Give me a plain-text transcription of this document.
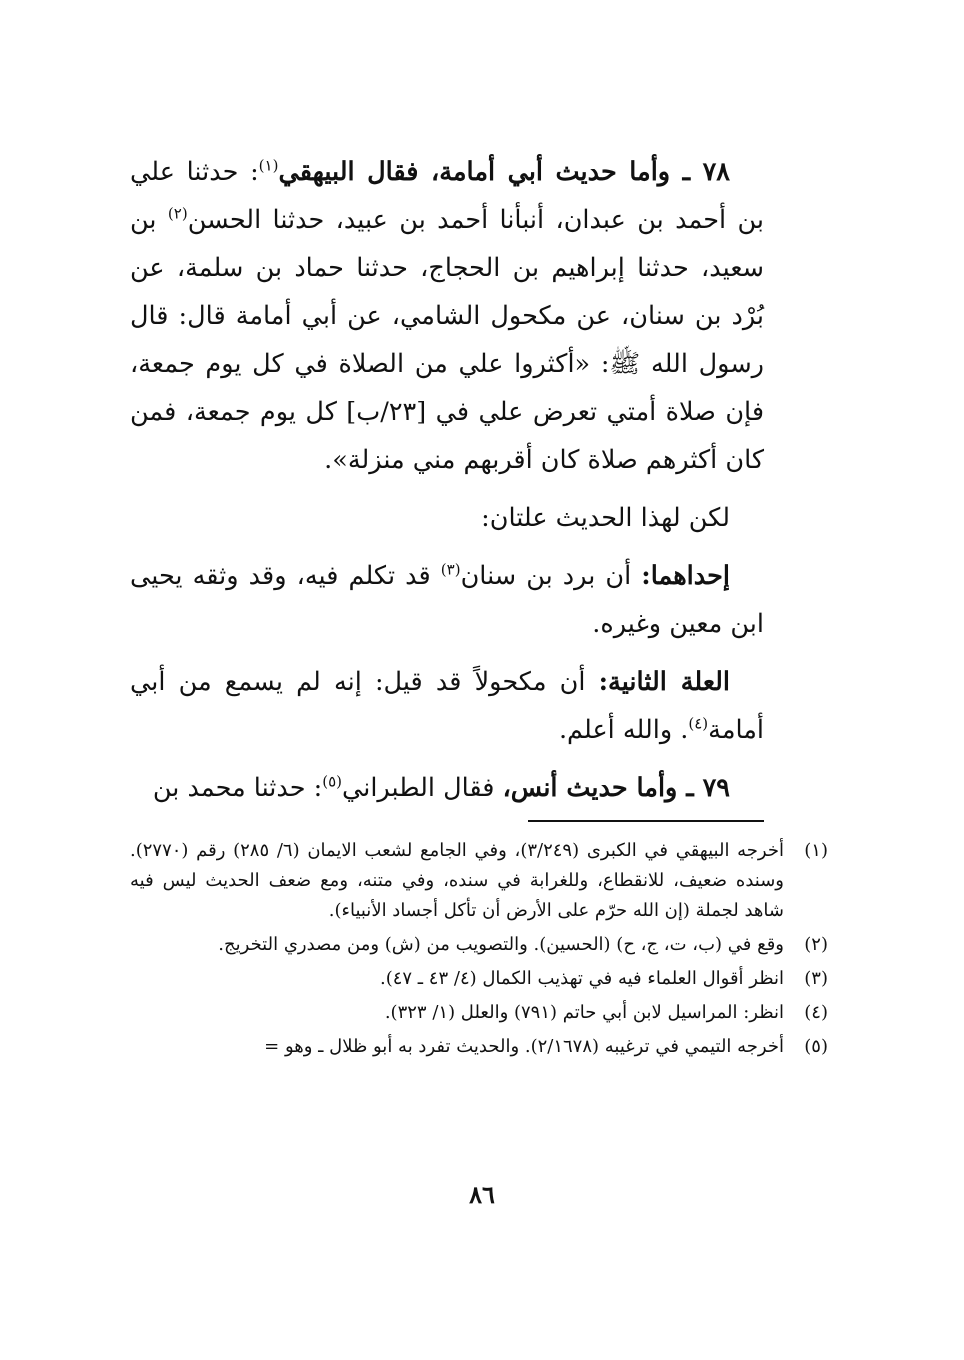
٧٨ ـ وأما حديث أبي أمامة، فقال البيهقي$^{(١)}$: حدثنا علي بن أحمد بن عبدان، أنبأنا أحمد بن عبيد، حدثنا الحسن$^{(٢)}$ بن سعيد، حدثنا إبراهيم بن الحجاج، حدثنا حماد بن سلمة، عن بُرْد بن سنان، عن مكحول الشامي، عن أبي أمامة قال: قال رسول الله ﷺ: «أكثروا علي من الصلاة في كل يوم جمعة، فإن صلاة أمتي تعرض علي في [٢٣/ب] كل يوم جمعة، فمن كان أكثرهم صلاة كان أقربهم مني منزلة».

لكن لهذا الحديث علتان:

إحداهما: أن برد بن سنان$^{(٣)}$ قد تكلم فيه، وقد وثقه يحيى ابن معين وغيره.

العلة الثانية: أن مكحولاً قد قيل: إنه لم يسمع من أبي أمامة$^{(٤)}$. والله أعلم.

٧٩ ـ وأما حديث أنس، فقال الطبراني$^{(٥)}$: حدثنا محمد بن

(١)
أخرجه البيهقي في الكبرى (٣/٢٤٩)، وفي الجامع لشعب الايمان (٦/ ٢٨٥) رقم (٢٧٧٠). وسنده ضعيف، للانقطاع، وللغرابة في سنده، وفي متنه، ومع ضعف الحديث ليس فيه شاهد لجملة (إن الله حرّم على الأرض أن تأكل أجساد الأنبياء).
(٢)
وقع في (ب، ت، ج، ح) (الحسين). والتصويب من (ش) ومن مصدري التخريج.
(٣)
انظر أقوال العلماء فيه في تهذيب الكمال (٤/ ٤٣ ـ ٤٧).
(٤)
انظر: المراسيل لابن أبي حاتم (٧٩١) والعلل (١/ ٣٢٣).
(٥)
أخرجه التيمي في ترغيبه (٢/١٦٧٨). والحديث تفرد به أبو ظلال ـ وهو =
٨٦
